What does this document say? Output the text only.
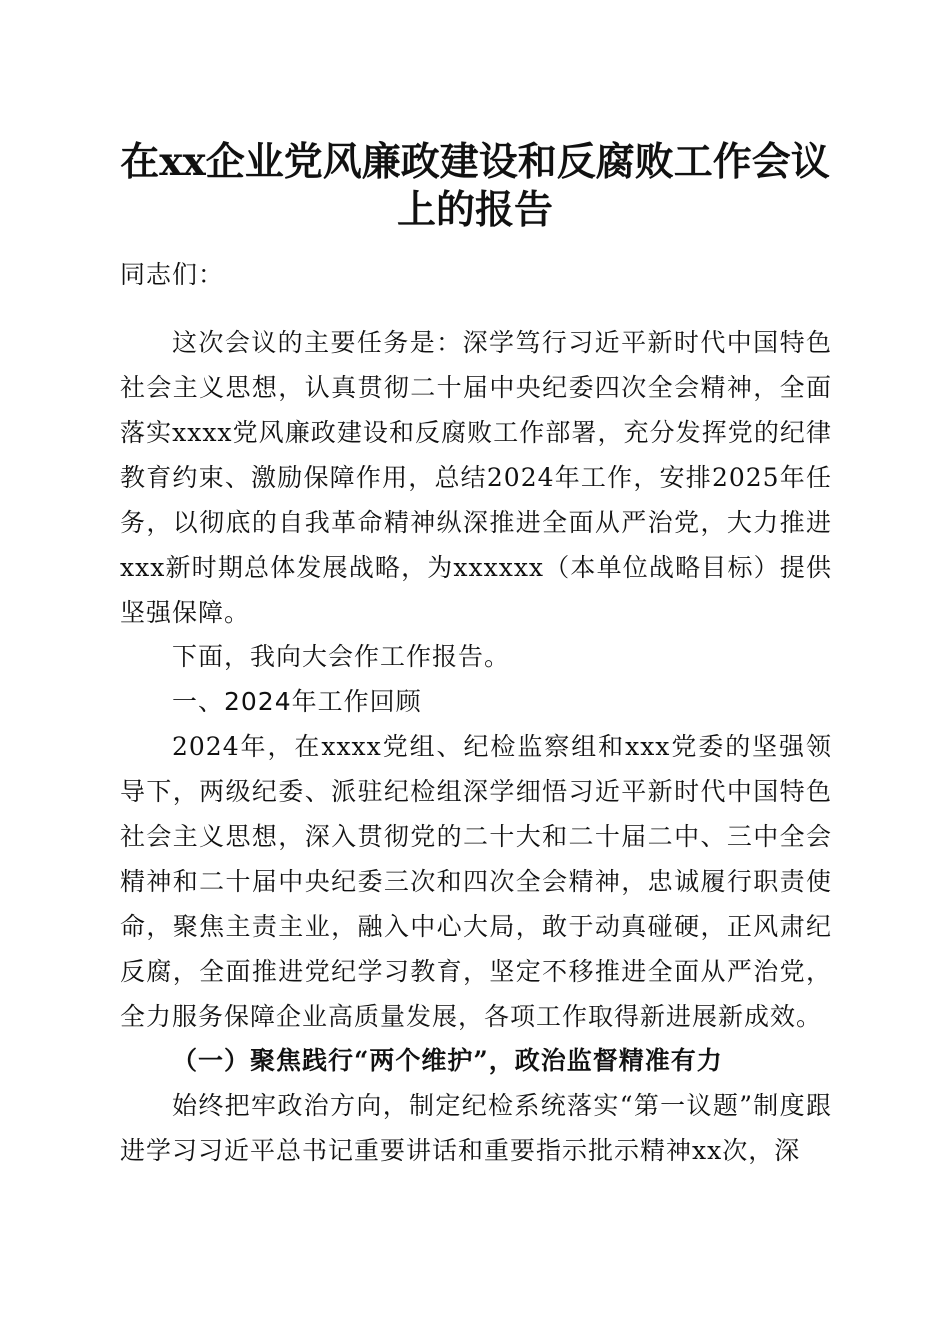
在xx企业党风廉政建设和反腐败工作会议上的报告
同志们：
这次会议的主要任务是：深学笃行习近平新时代中国特色社会主义思想，认真贯彻二十届中央纪委四次全会精神，全面落实xxxx党风廉政建设和反腐败工作部署，充分发挥党的纪律教育约束、激励保障作用，总结2024年工作，安排2025年任务，以彻底的自我革命精神纵深推进全面从严治党，大力推进xxx新时期总体发展战略，为xxxxxx（本单位战略目标）提供坚强保障。
下面，我向大会作工作报告。
一、2024年工作回顾
2024年，在xxxx党组、纪检监察组和xxx党委的坚强领导下，两级纪委、派驻纪检组深学细悟习近平新时代中国特色社会主义思想，深入贯彻党的二十大和二十届二中、三中全会精神和二十届中央纪委三次和四次全会精神，忠诚履行职责使命，聚焦主责主业，融入中心大局，敢于动真碰硬，正风肃纪反腐，全面推进党纪学习教育，坚定不移推进全面从严治党，全力服务保障企业高质量发展，各项工作取得新进展新成效。
（一）聚焦践行“两个维护”，政治监督精准有力
始终把牢政治方向，制定纪检系统落实“第一议题”制度跟进学习习近平总书记重要讲话和重要指示批示精神xx次，深
